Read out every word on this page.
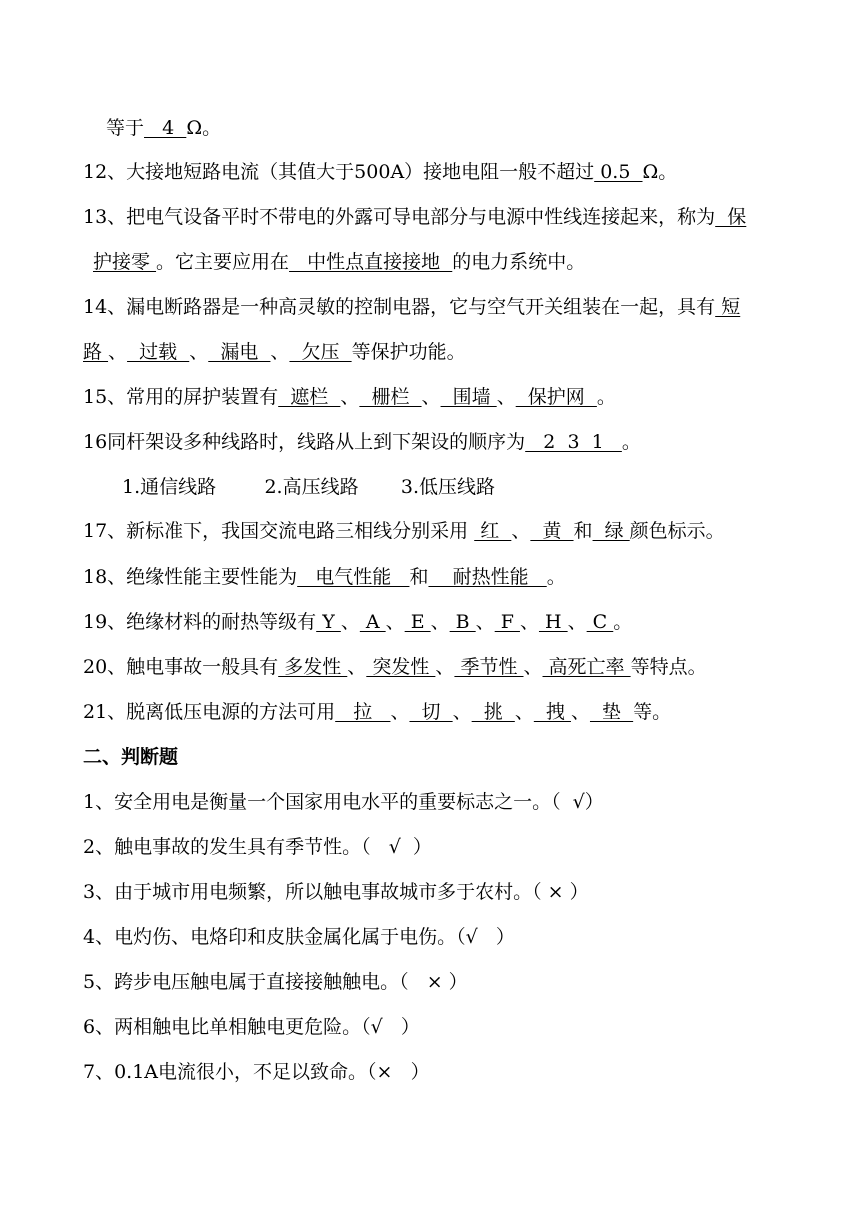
等于   4  Ω。

12、大接地短路电流（其值大于500A）接地电阻一般不超过 0.5  Ω。

13、把电气设备平时不带电的外露可导电部分与电源中性线连接起来，称为  保

护接零 。它主要应用在   中性点直接接地  的电力系统中。

14、漏电断路器是一种高灵敏的控制电器，它与空气开关组装在一起，具有 短

路 、  过载  、  漏电  、  欠压  等保护功能。

15、常用的屏护装置有  遮栏  、  栅栏  、  围墙 、  保护网  。

16同杆架设多种线路时，线路从上到下架设的顺序为   2  3  1   。

1.通信线路        2.高压线路       3.低压线路

17、新标准下，我国交流电路三相线分别采用  红  、  黄  和  绿 颜色标示。

18、绝缘性能主要性能为   电气性能   和    耐热性能   。

19、绝缘材料的耐热等级有 Y 、 A 、 E 、 B 、 F 、 H 、 C 。

20、触电事故一般具有 多发性 、 突发性 、 季节性 、 高死亡率 等特点。

21、脱离低压电源的方法可用   拉   、  切  、  挑  、  拽 、  垫  等。

二、判断题

1、安全用电是衡量一个国家用电水平的重要标志之一。（  √）

2、触电事故的发生具有季节性。（   √  ）

3、由于城市用电频繁，所以触电事故城市多于农村。（ × ）

4、电灼伤、电烙印和皮肤金属化属于电伤。（√   ）

5、跨步电压触电属于直接接触触电。（   × ）

6、两相触电比单相触电更危险。（√   ）

7、0.1A电流很小，不足以致命。（×   ）
